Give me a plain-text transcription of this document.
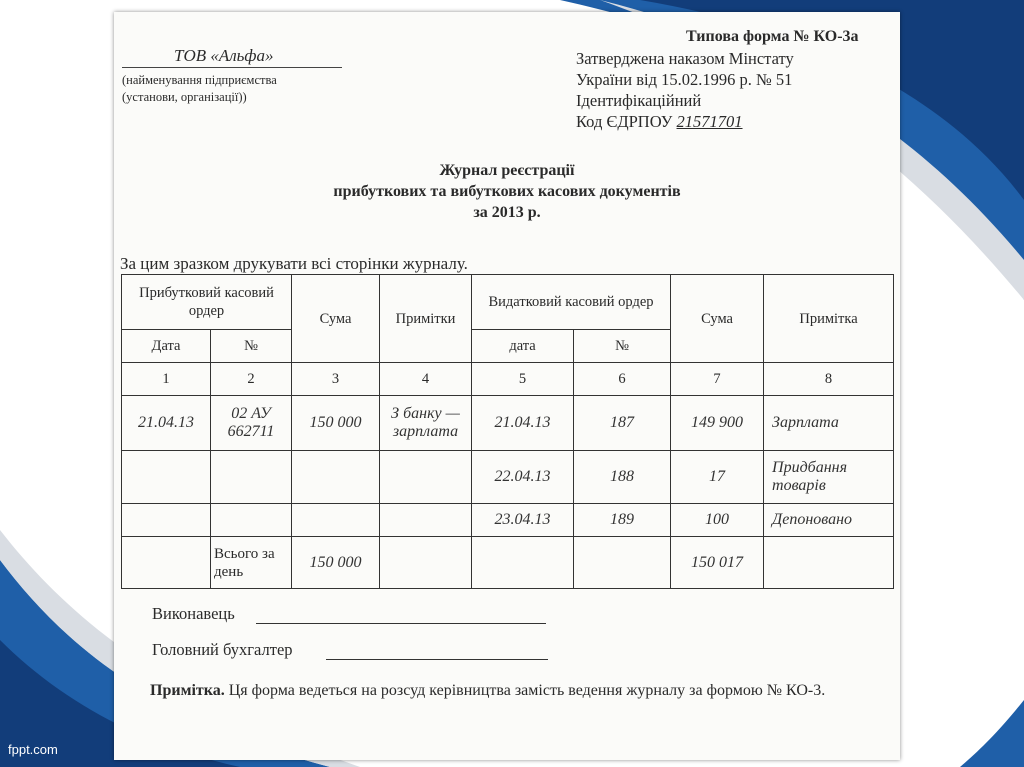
fppt.com
ТОВ «Альфа»
(найменування підприємства
(установи, організації))
Типова форма № КО-3а
Затверджена наказом Мінстату
України від 15.02.1996 р. № 51
Ідентифікаційний
Код ЄДРПОУ 21571701
Журнал реєстрації
прибуткових та вибуткових касових документів
за 2013 р.
За цим зразком друкувати всі сторінки журналу.
Прибутковий касовий ордер		Сума	Примітки	Видатковий касовий ордер		Сума	Примітка
Дата	№			дата	№		
1	2	3	4	5	6	7	8
21.04.13	02 АУ 662711	150 000	З банку — зарплата	21.04.13	187	149 900	Зарплата
				22.04.13	188	17	Придбання товарів
				23.04.13	189	100	Депоновано
	Всього за день	150 000				150 017	
Виконавець
Головний бухгалтер
Примітка. Ця форма ведеться на розсуд керівництва замість ведення журналу за формою № КО-3.
